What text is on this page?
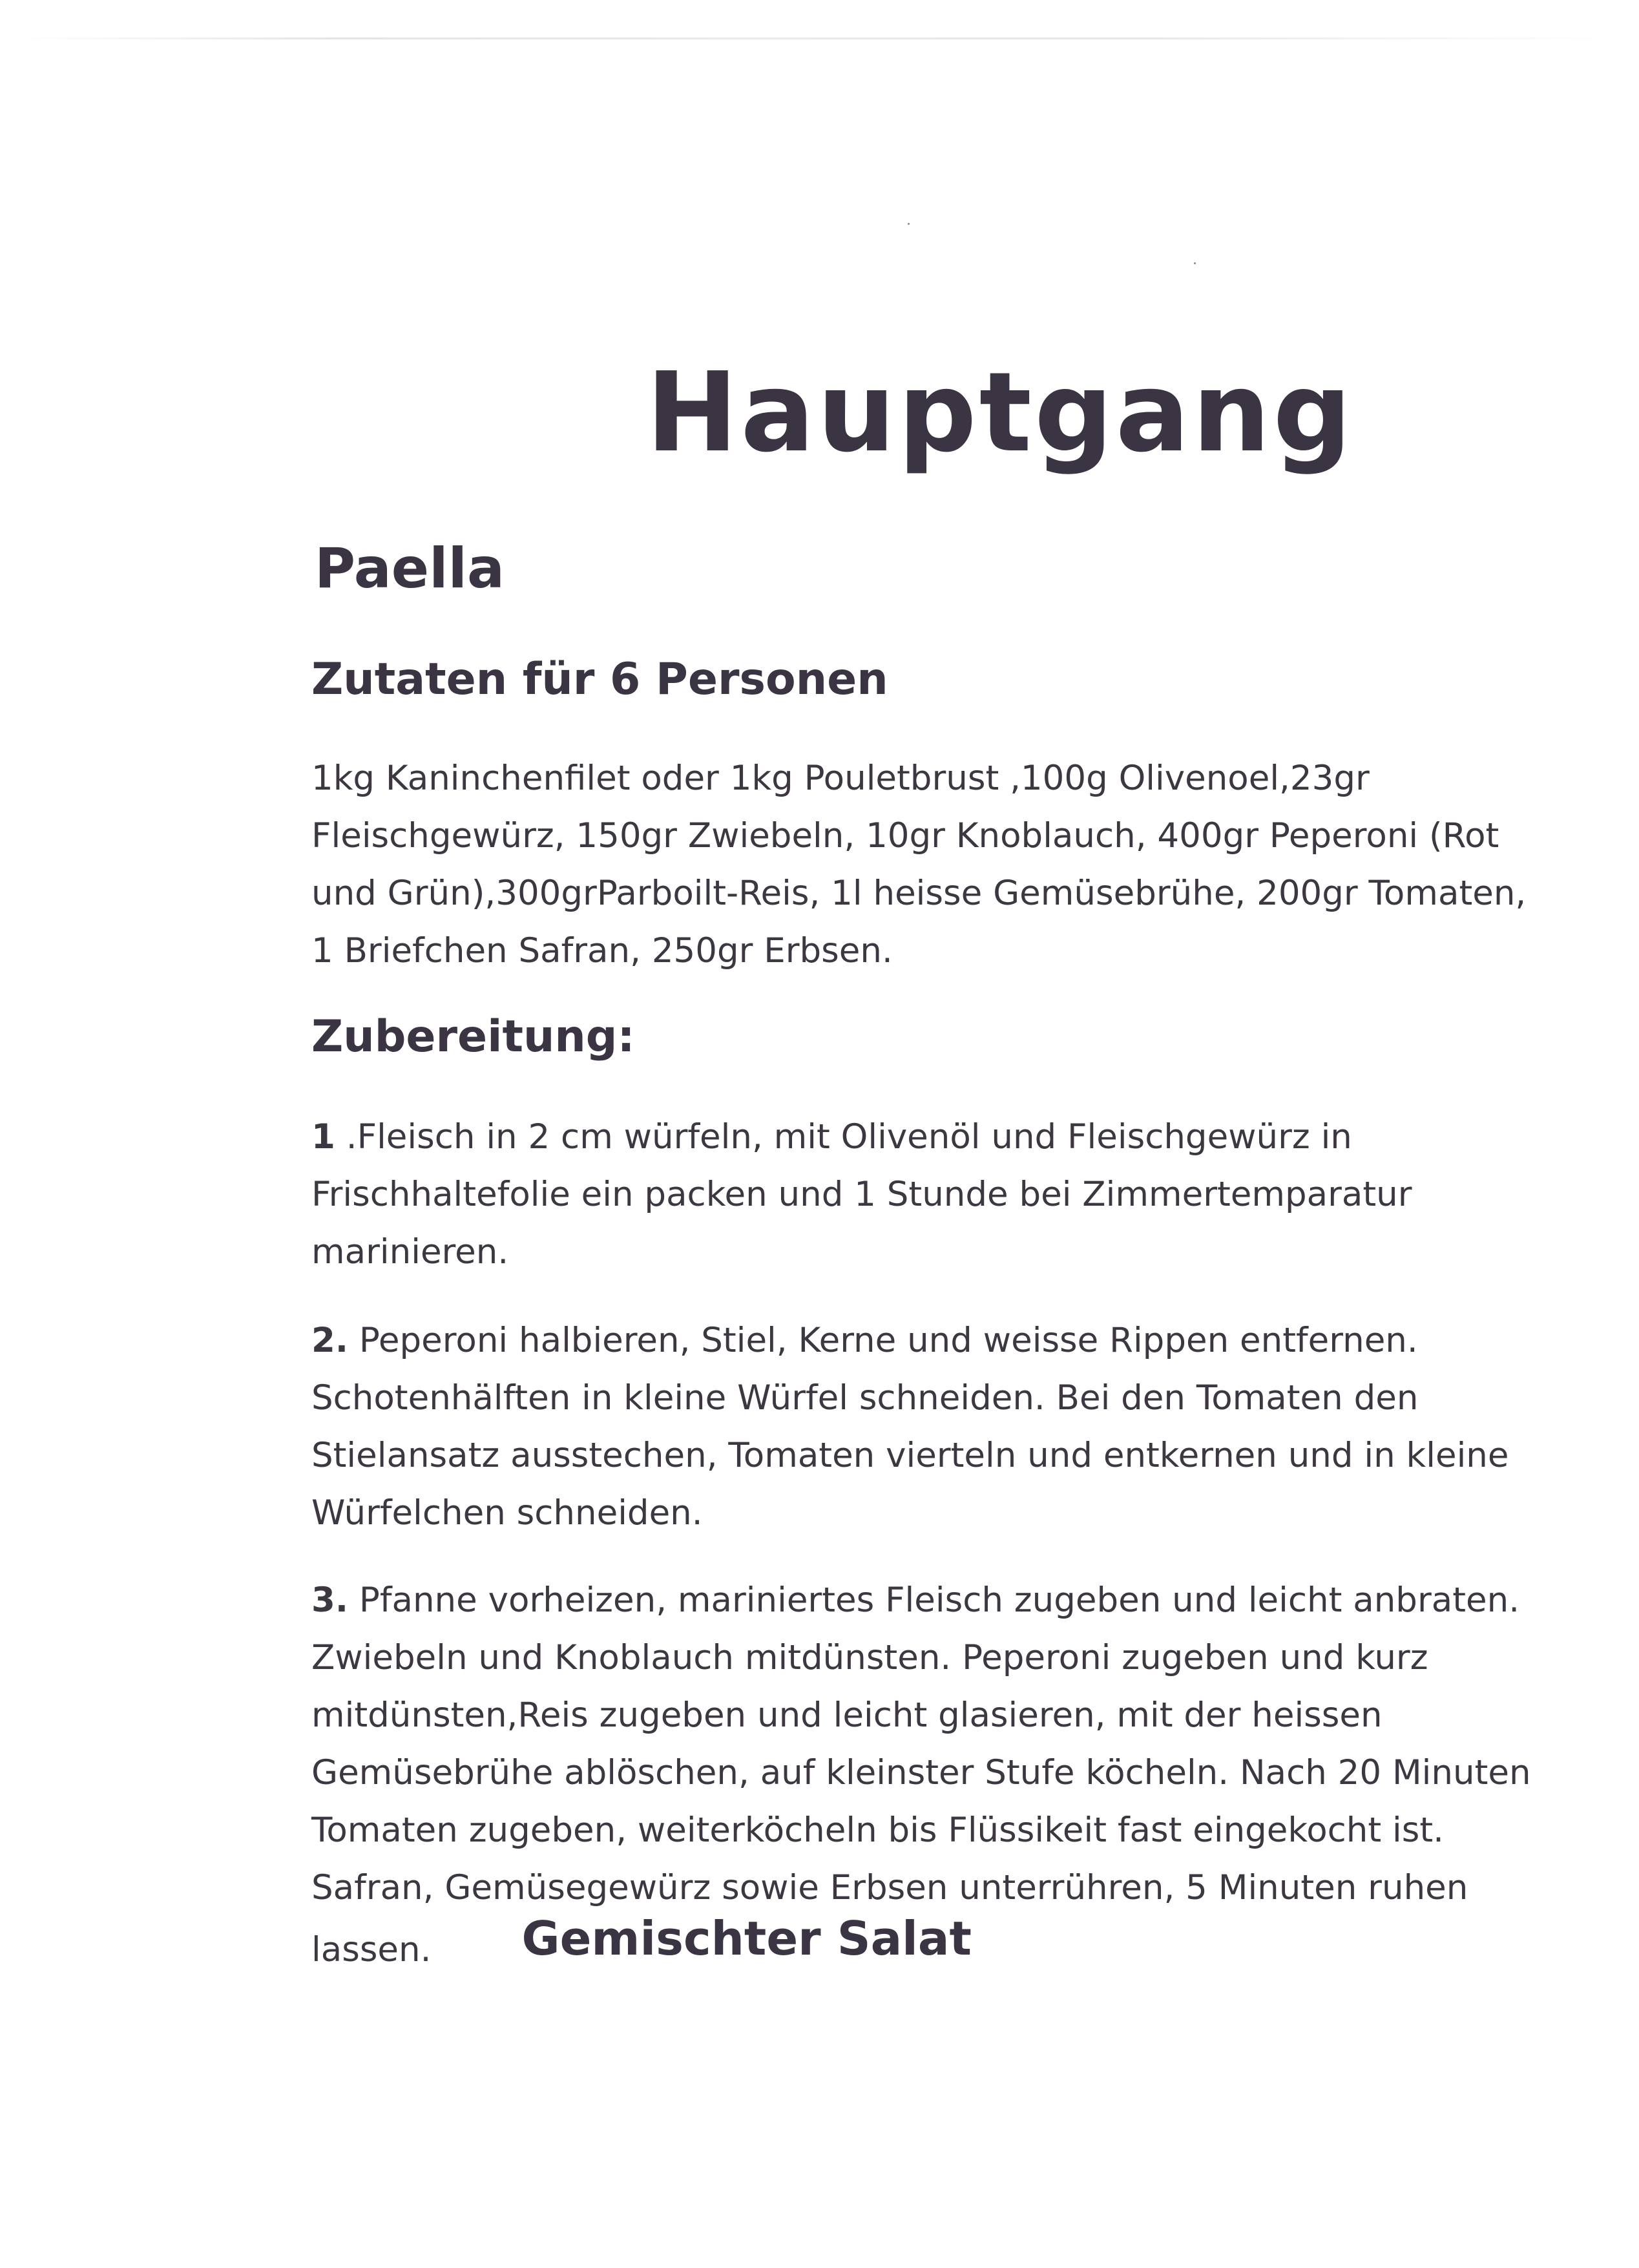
Hauptgang
Paella
Zutaten für 6 Personen
1kg Kaninchenfilet oder 1kg Pouletbrust ,100g Olivenoel,23gr
Fleischgewürz, 150gr Zwiebeln, 10gr Knoblauch, 400gr Peperoni (Rot
und Grün),300grParboilt-Reis, 1l heisse Gemüsebrühe, 200gr Tomaten,
1 Briefchen Safran, 250gr Erbsen.
Zubereitung:
1 .Fleisch in 2 cm würfeln, mit Olivenöl und Fleischgewürz in
Frischhaltefolie ein packen und 1 Stunde bei Zimmertemparatur
marinieren.
2. Peperoni halbieren, Stiel, Kerne und weisse Rippen entfernen.
Schotenhälften in kleine Würfel schneiden. Bei den Tomaten den
Stielansatz ausstechen, Tomaten vierteln und entkernen und in kleine
Würfelchen schneiden.
3. Pfanne vorheizen, mariniertes Fleisch zugeben und leicht anbraten.
Zwiebeln und Knoblauch mitdünsten. Peperoni zugeben und kurz
mitdünsten,Reis zugeben und leicht glasieren, mit der heissen
Gemüsebrühe ablöschen, auf kleinster Stufe köcheln. Nach 20 Minuten
Tomaten zugeben, weiterköcheln bis Flüssikeit fast eingekocht ist.
Safran, Gemüsegewürz sowie Erbsen unterrühren, 5 Minuten ruhen
lassen. Gemischter Salat
